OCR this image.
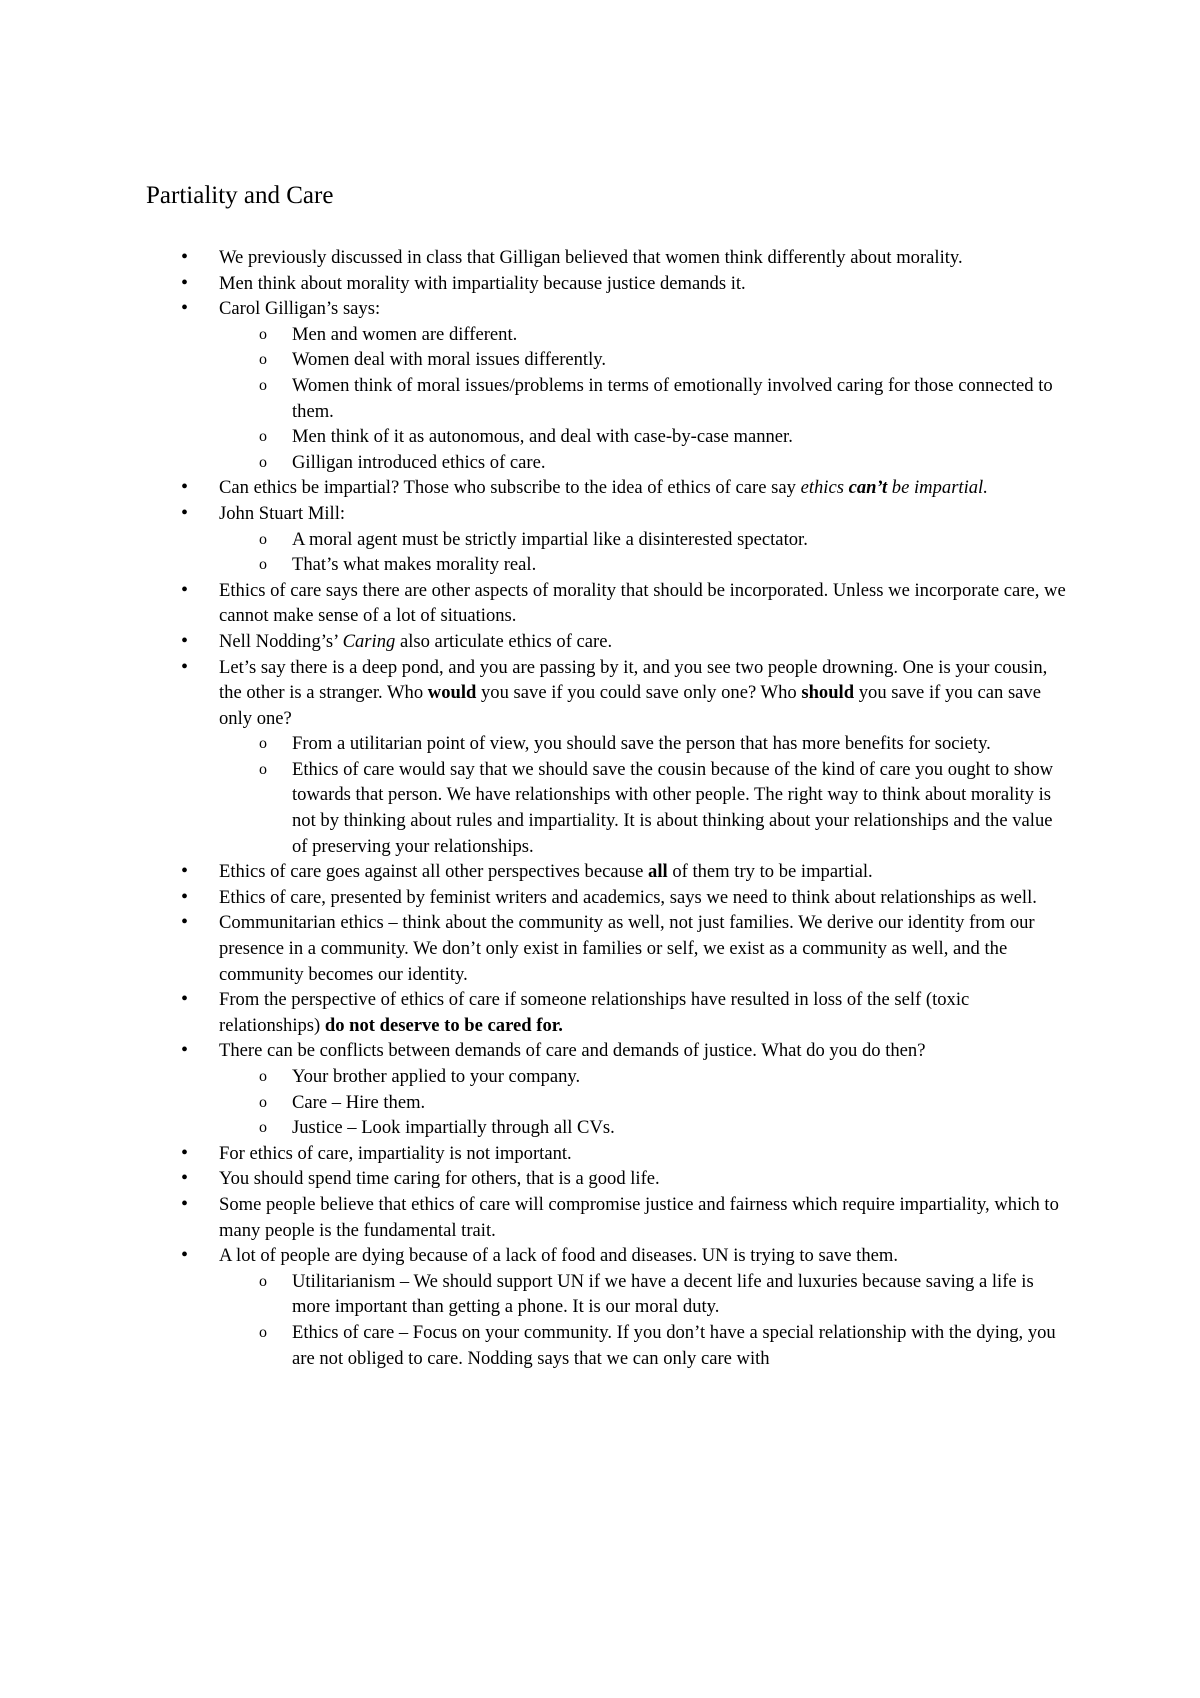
Partiality and Care
• We previously discussed in class that Gilligan believed that women think differently about morality.
• Men think about morality with impartiality because justice demands it.
• Carol Gilligan’s says:
o Men and women are different.
o Women deal with moral issues differently.
o Women think of moral issues/problems in terms of emotionally involved caring for those connected to them.
o Men think of it as autonomous, and deal with case-by-case manner.
o Gilligan introduced ethics of care.
• Can ethics be impartial? Those who subscribe to the idea of ethics of care say ethics can’t be impartial.
• John Stuart Mill:
o A moral agent must be strictly impartial like a disinterested spectator.
o That’s what makes morality real.
• Ethics of care says there are other aspects of morality that should be incorporated. Unless we incorporate care, we cannot make sense of a lot of situations.
• Nell Nodding’s’ Caring also articulate ethics of care.
• Let’s say there is a deep pond, and you are passing by it, and you see two people drowning. One is your cousin, the other is a stranger. Who would you save if you could save only one? Who should you save if you can save only one?
o From a utilitarian point of view, you should save the person that has more benefits for society.
o Ethics of care would say that we should save the cousin because of the kind of care you ought to show towards that person. We have relationships with other people. The right way to think about morality is not by thinking about rules and impartiality. It is about thinking about your relationships and the value of preserving your relationships.
• Ethics of care goes against all other perspectives because all of them try to be impartial.
• Ethics of care, presented by feminist writers and academics, says we need to think about relationships as well.
• Communitarian ethics – think about the community as well, not just families. We derive our identity from our presence in a community. We don’t only exist in families or self, we exist as a community as well, and the community becomes our identity.
• From the perspective of ethics of care if someone relationships have resulted in loss of the self (toxic relationships) do not deserve to be cared for.
• There can be conflicts between demands of care and demands of justice. What do you do then?
o Your brother applied to your company.
o Care – Hire them.
o Justice – Look impartially through all CVs.
• For ethics of care, impartiality is not important.
• You should spend time caring for others, that is a good life.
• Some people believe that ethics of care will compromise justice and fairness which require impartiality, which to many people is the fundamental trait.
• A lot of people are dying because of a lack of food and diseases. UN is trying to save them.
o Utilitarianism – We should support UN if we have a decent life and luxuries because saving a life is more important than getting a phone. It is our moral duty.
o Ethics of care – Focus on your community. If you don’t have a special relationship with the dying, you are not obliged to care. Nodding says that we can only care with
